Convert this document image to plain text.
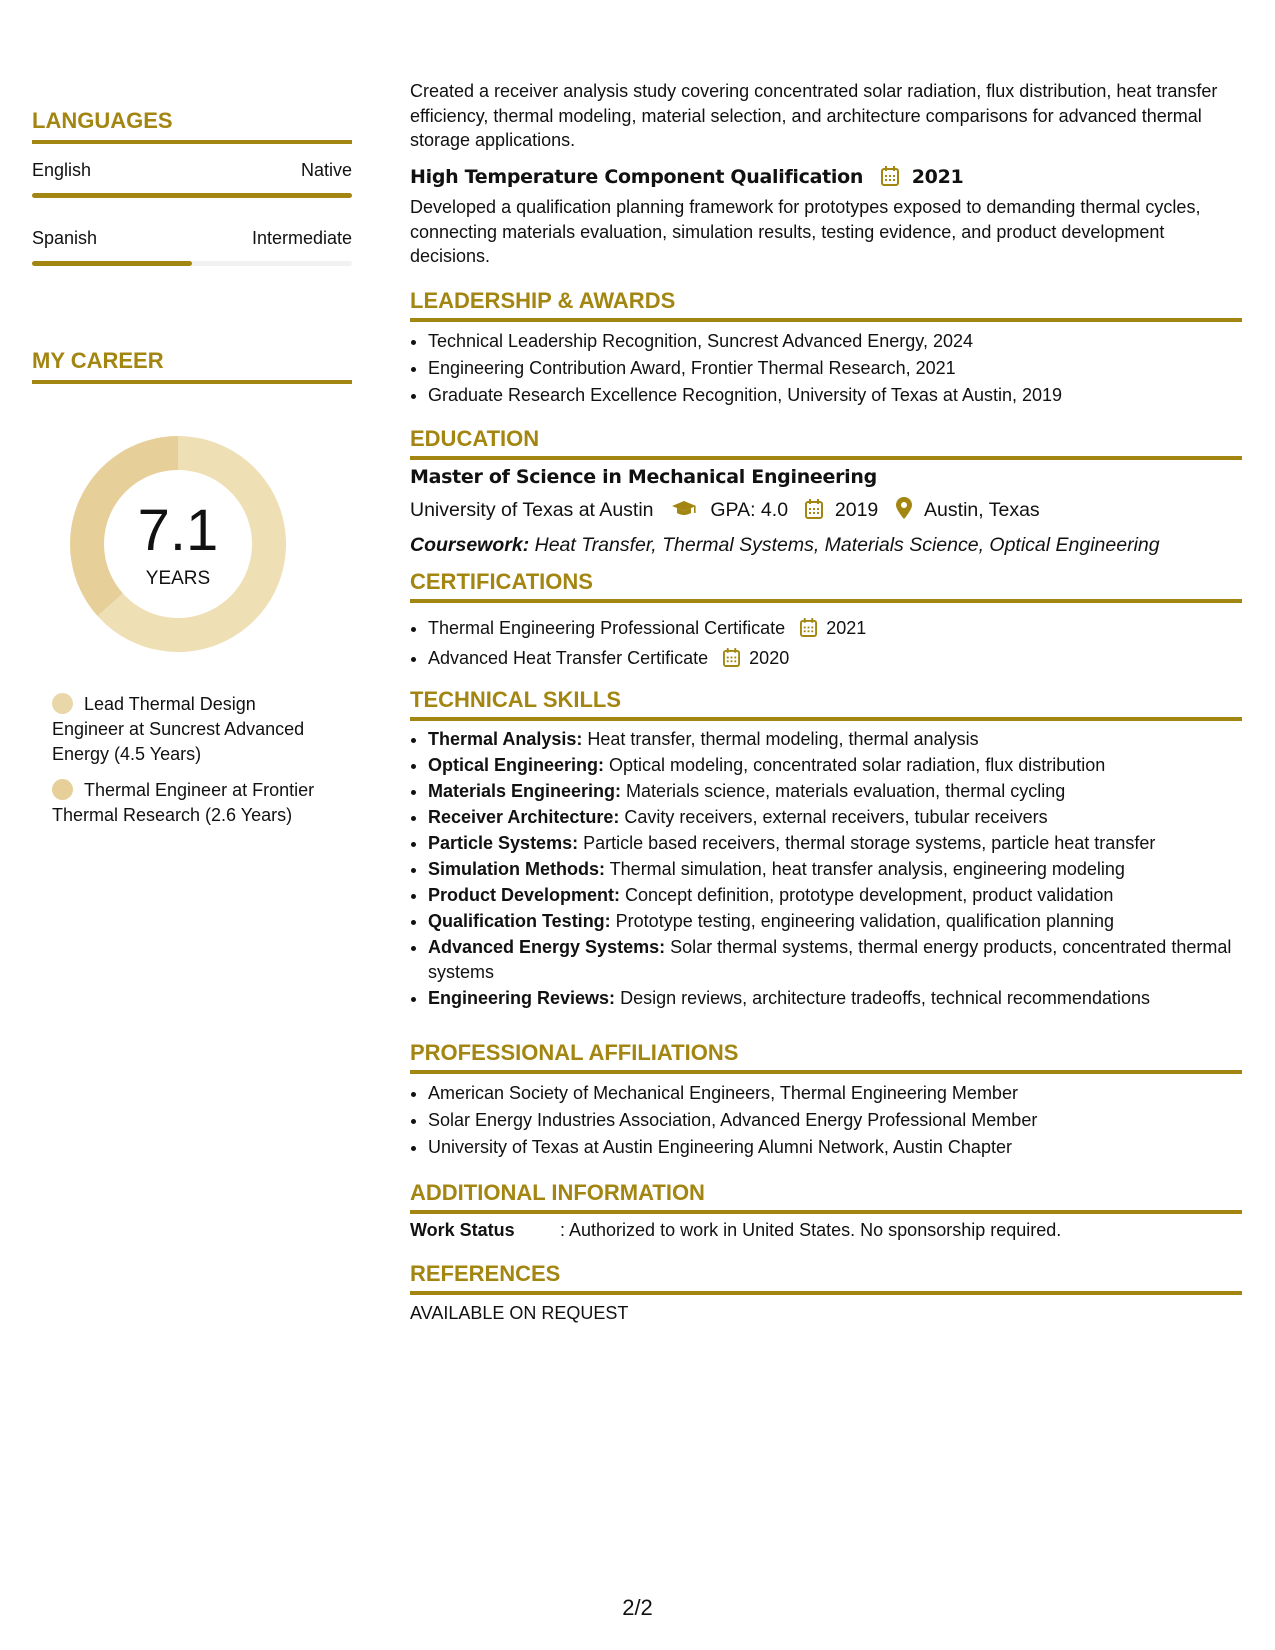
LANGUAGES
English	Native
Spanish	Intermediate
MY CAREER
7.1
YEARS
Lead Thermal Design Engineer at Suncrest Advanced Energy (4.5 Years)
Thermal Engineer at Frontier Thermal Research (2.6 Years)

Created a receiver analysis study covering concentrated solar radiation, flux distribution, heat transfer efficiency, thermal modeling, material selection, and architecture comparisons for advanced thermal storage applications.

High Temperature Component Qualification	2021

Developed a qualification planning framework for prototypes exposed to demanding thermal cycles, connecting materials evaluation, simulation results, testing evidence, and product development decisions.

LEADERSHIP & AWARDS
• Technical Leadership Recognition, Suncrest Advanced Energy, 2024
• Engineering Contribution Award, Frontier Thermal Research, 2021
• Graduate Research Excellence Recognition, University of Texas at Austin, 2019
EDUCATION
Master of Science in Mechanical Engineering
University of Texas at Austin	GPA: 4.0 2019 Austin, Texas
Coursework: Heat Transfer, Thermal Systems, Materials Science, Optical Engineering
CERTIFICATIONS
• Thermal Engineering Professional Certificate 2021
• Advanced Heat Transfer Certificate 2020
TECHNICAL SKILLS
• Thermal Analysis: Heat transfer, thermal modeling, thermal analysis
• Optical Engineering: Optical modeling, concentrated solar radiation, flux distribution
• Materials Engineering: Materials science, materials evaluation, thermal cycling
• Receiver Architecture: Cavity receivers, external receivers, tubular receivers
• Particle Systems: Particle based receivers, thermal storage systems, particle heat transfer
• Simulation Methods: Thermal simulation, heat transfer analysis, engineering modeling
• Product Development: Concept definition, prototype development, product validation
• Qualification Testing: Prototype testing, engineering validation, qualification planning
• Advanced Energy Systems: Solar thermal systems, thermal energy products, concentrated thermal systems
• Engineering Reviews: Design reviews, architecture tradeoffs, technical recommendations
PROFESSIONAL AFFILIATIONS
• American Society of Mechanical Engineers, Thermal Engineering Member
• Solar Energy Industries Association, Advanced Energy Professional Member
• University of Texas at Austin Engineering Alumni Network, Austin Chapter
ADDITIONAL INFORMATION
Work Status	: Authorized to work in United States. No sponsorship required.
REFERENCES
AVAILABLE ON REQUEST
2/2
